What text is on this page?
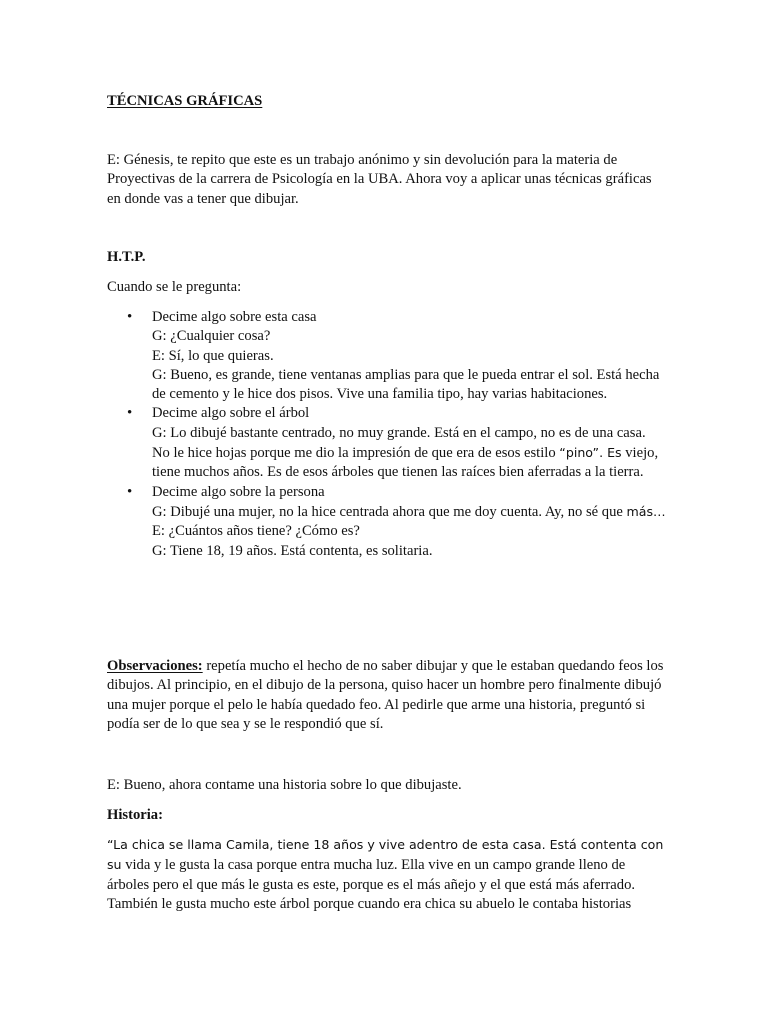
TÉCNICAS GRÁFICAS
E: Génesis, te repito que este es un trabajo anónimo y sin devolución para la materia de Proyectivas de la carrera de Psicología en la UBA. Ahora voy a aplicar unas técnicas gráficas en donde vas a tener que dibujar.
H.T.P.
Cuando se le pregunta:
• Decime algo sobre esta casa
G: ¿Cualquier cosa?
E: Sí, lo que quieras.
G: Bueno, es grande, tiene ventanas amplias para que le pueda entrar el sol. Está hecha de cemento y le hice dos pisos. Vive una familia tipo, hay varias habitaciones.
• Decime algo sobre el árbol
G: Lo dibujé bastante centrado, no muy grande. Está en el campo, no es de una casa. No le hice hojas porque me dio la impresión de que era de esos estilo “pino”. Es viejo, tiene muchos años. Es de esos árboles que tienen las raíces bien aferradas a la tierra.
• Decime algo sobre la persona
G: Dibujé una mujer, no la hice centrada ahora que me doy cuenta. Ay, no sé que más…
E: ¿Cuántos años tiene? ¿Cómo es?
G: Tiene 18, 19 años. Está contenta, es solitaria.
Observaciones: repetía mucho el hecho de no saber dibujar y que le estaban quedando feos los dibujos. Al principio, en el dibujo de la persona, quiso hacer un hombre pero finalmente dibujó una mujer porque el pelo le había quedado feo. Al pedirle que arme una historia, preguntó si podía ser de lo que sea y se le respondió que sí.
E: Bueno, ahora contame una historia sobre lo que dibujaste.
Historia:
“La chica se llama Camila, tiene 18 años y vive adentro de esta casa. Está contenta con su vida y le gusta la casa porque entra mucha luz. Ella vive en un campo grande lleno de árboles pero el que más le gusta es este, porque es el más añejo y el que está más aferrado. También le gusta mucho este árbol porque cuando era chica su abuelo le contaba historias
